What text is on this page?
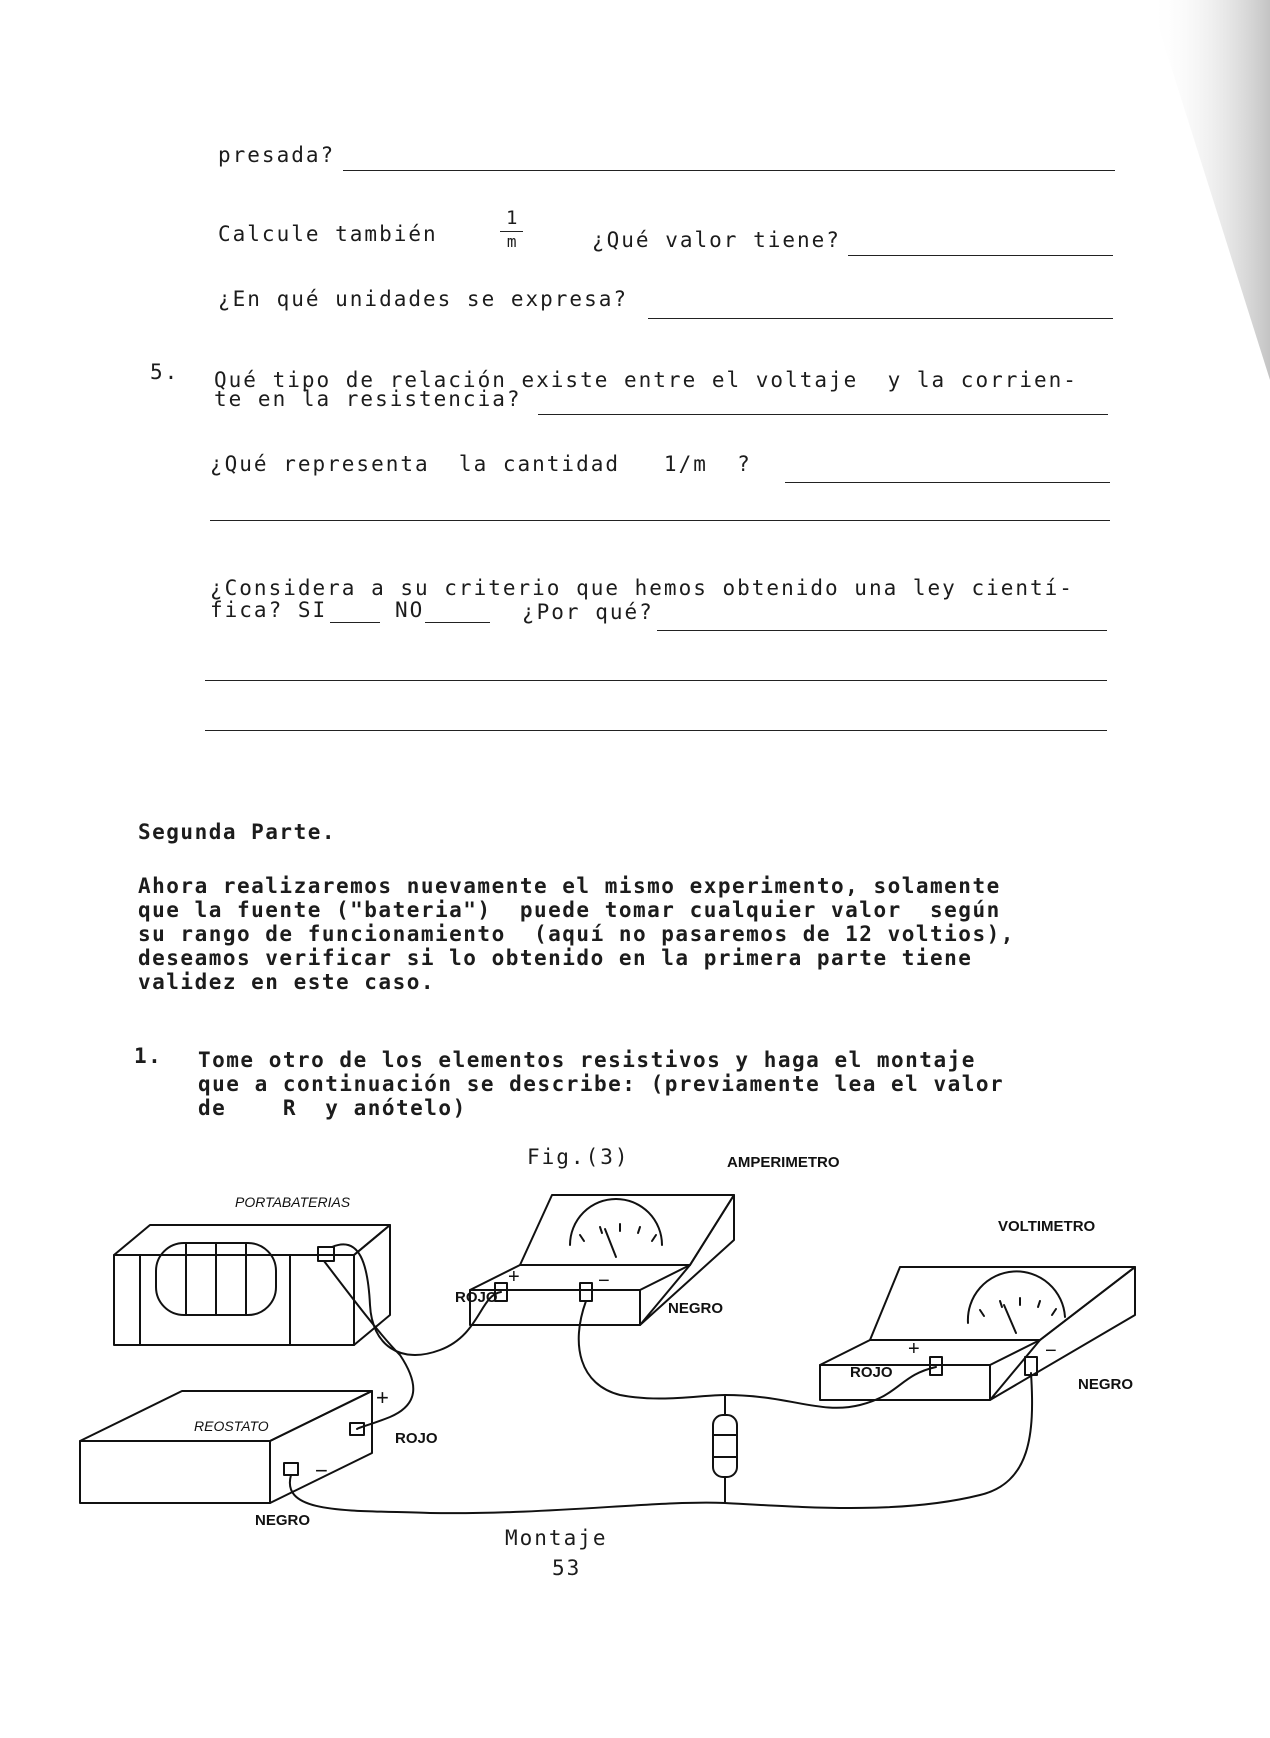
presada?
Calcule también
1
m	¿Qué valor tiene?
¿En qué unidades se expresa?
5. Qué tipo de relación existe entre el voltaje  y la corrien-
te en la resistencia?
¿Qué representa  la cantidad   1/m  ?
¿Considera a su criterio que hemos obtenido una ley cientí-
fica? SI	NO	¿Por qué?
Segunda Parte.
Ahora realizaremos nuevamente el mismo experimento, solamente
que la fuente ("bateria")  puede tomar cualquier valor  según
su rango de funcionamiento  (aquí no pasaremos de 12 voltios),
deseamos verificar si lo obtenido en la primera parte tiene
validez en este caso.
1. Tome otro de los elementos resistivos y haga el montaje
que a continuación se describe: (previamente lea el valor
de    R  y anótelo)
Fig.(3)	AMPERIMETRO
VOLTIMETRO
PORTABATERIAS
ROJO
+	−
NEGRO
ROJO
+	−
NEGRO
REOSTATO
+
ROJO
−
NEGRO
Montaje
53
